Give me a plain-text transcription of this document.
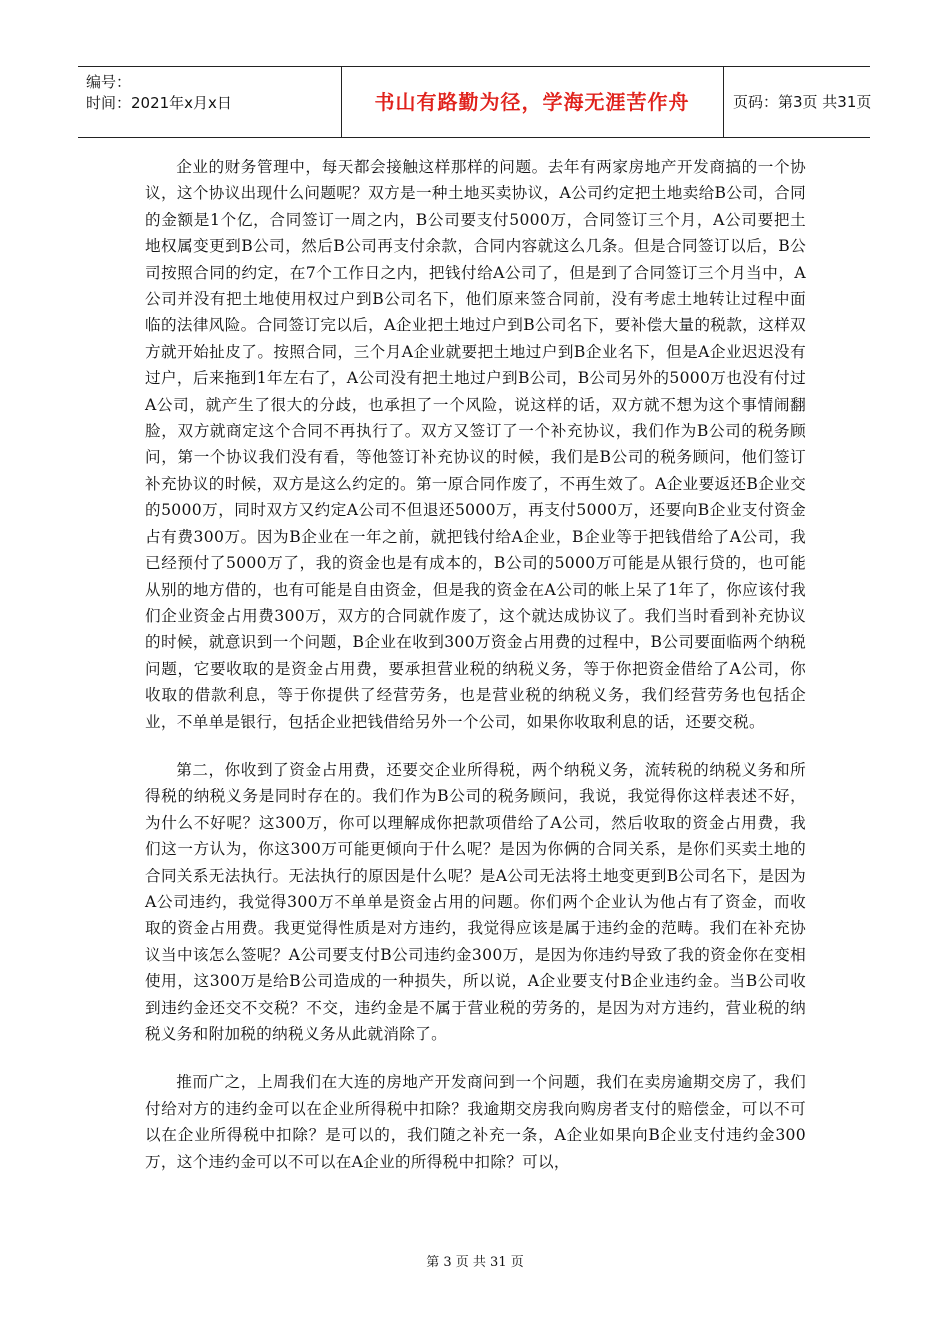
编号：
时间：2021年x月x日	书山有路勤为径，学海无涯苦作舟	页码：第3页 共31页

企业的财务管理中，每天都会接触这样那样的问题。去年有两家房地产开发商搞的一个协议，这个协议出现什么问题呢？双方是一种土地买卖协议，A公司约定把土地卖给B公司，合同的金额是1个亿，合同签订一周之内，B公司要支付5000万，合同签订三个月，A公司要把土地权属变更到B公司，然后B公司再支付余款，合同内容就这么几条。但是合同签订以后，B公司按照合同的约定，在7个工作日之内，把钱付给A公司了，但是到了合同签订三个月当中，A公司并没有把土地使用权过户到B公司名下，他们原来签合同前，没有考虑土地转让过程中面临的法律风险。合同签订完以后，A企业把土地过户到B公司名下，要补偿大量的税款，这样双方就开始扯皮了。按照合同，三个月A企业就要把土地过户到B企业名下，但是A企业迟迟没有过户，后来拖到1年左右了，A公司没有把土地过户到B公司，B公司另外的5000万也没有付过A公司，就产生了很大的分歧，也承担了一个风险，说这样的话，双方就不想为这个事情闹翻脸，双方就商定这个合同不再执行了。双方又签订了一个补充协议，我们作为B公司的税务顾问，第一个协议我们没有看，等他签订补充协议的时候，我们是B公司的税务顾问，他们签订补充协议的时候，双方是这么约定的。第一原合同作废了，不再生效了。A企业要返还B企业交的5000万，同时双方又约定A公司不但退还5000万，再支付5000万，还要向B企业支付资金占有费300万。因为B企业在一年之前，就把钱付给A企业，B企业等于把钱借给了A公司，我已经预付了5000万了，我的资金也是有成本的，B公司的5000万可能是从银行贷的，也可能从别的地方借的，也有可能是自由资金，但是我的资金在A公司的帐上呆了1年了，你应该付我们企业资金占用费300万，双方的合同就作废了，这个就达成协议了。我们当时看到补充协议的时候，就意识到一个问题，B企业在收到300万资金占用费的过程中，B公司要面临两个纳税问题，它要收取的是资金占用费，要承担营业税的纳税义务，等于你把资金借给了A公司，你收取的借款利息，等于你提供了经营劳务，也是营业税的纳税义务，我们经营劳务也包括企业，不单单是银行，包括企业把钱借给另外一个公司，如果你收取利息的话，还要交税。

第二，你收到了资金占用费，还要交企业所得税，两个纳税义务，流转税的纳税义务和所得税的纳税义务是同时存在的。我们作为B公司的税务顾问，我说，我觉得你这样表述不好，为什么不好呢？这300万，你可以理解成你把款项借给了A公司，然后收取的资金占用费，我们这一方认为，你这300万可能更倾向于什么呢？是因为你俩的合同关系，是你们买卖土地的合同关系无法执行。无法执行的原因是什么呢？是A公司无法将土地变更到B公司名下，是因为A公司违约，我觉得300万不单单是资金占用的问题。你们两个企业认为他占有了资金，而收取的资金占用费。我更觉得性质是对方违约，我觉得应该是属于违约金的范畴。我们在补充协议当中该怎么签呢？A公司要支付B公司违约金300万，是因为你违约导致了我的资金你在变相使用，这300万是给B公司造成的一种损失，所以说，A企业要支付B企业违约金。当B公司收到违约金还交不交税？不交，违约金是不属于营业税的劳务的，是因为对方违约，营业税的纳税义务和附加税的纳税义务从此就消除了。

推而广之，上周我们在大连的房地产开发商问到一个问题，我们在卖房逾期交房了，我们付给对方的违约金可以在企业所得税中扣除？我逾期交房我向购房者支付的赔偿金，可以不可以在企业所得税中扣除？是可以的，我们随之补充一条，A企业如果向B企业支付违约金300万，这个违约金可以不可以在A企业的所得税中扣除？可以，

第 3 页 共 31 页
